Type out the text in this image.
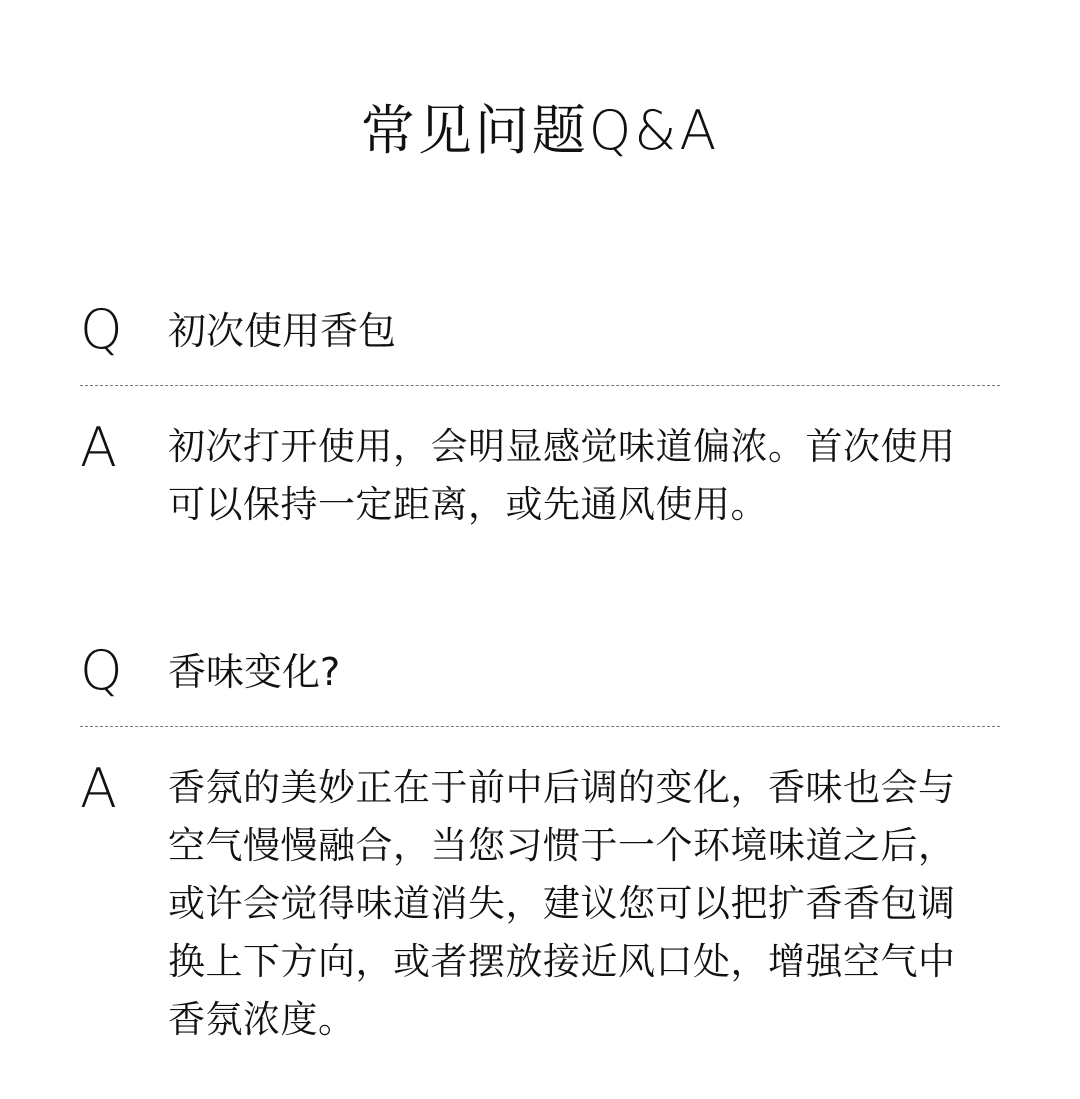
常见问题Q&A
Q 初次使用香包
A 初次打开使用，会明显感觉味道偏浓。首次使用可以保持一定距离，或先通风使用。
Q 香味变化?
A 香氛的美妙正在于前中后调的变化，香味也会与空气慢慢融合，当您习惯于一个环境味道之后，或许会觉得味道消失，建议您可以把扩香香包调换上下方向，或者摆放接近风口处，增强空气中香氛浓度。
